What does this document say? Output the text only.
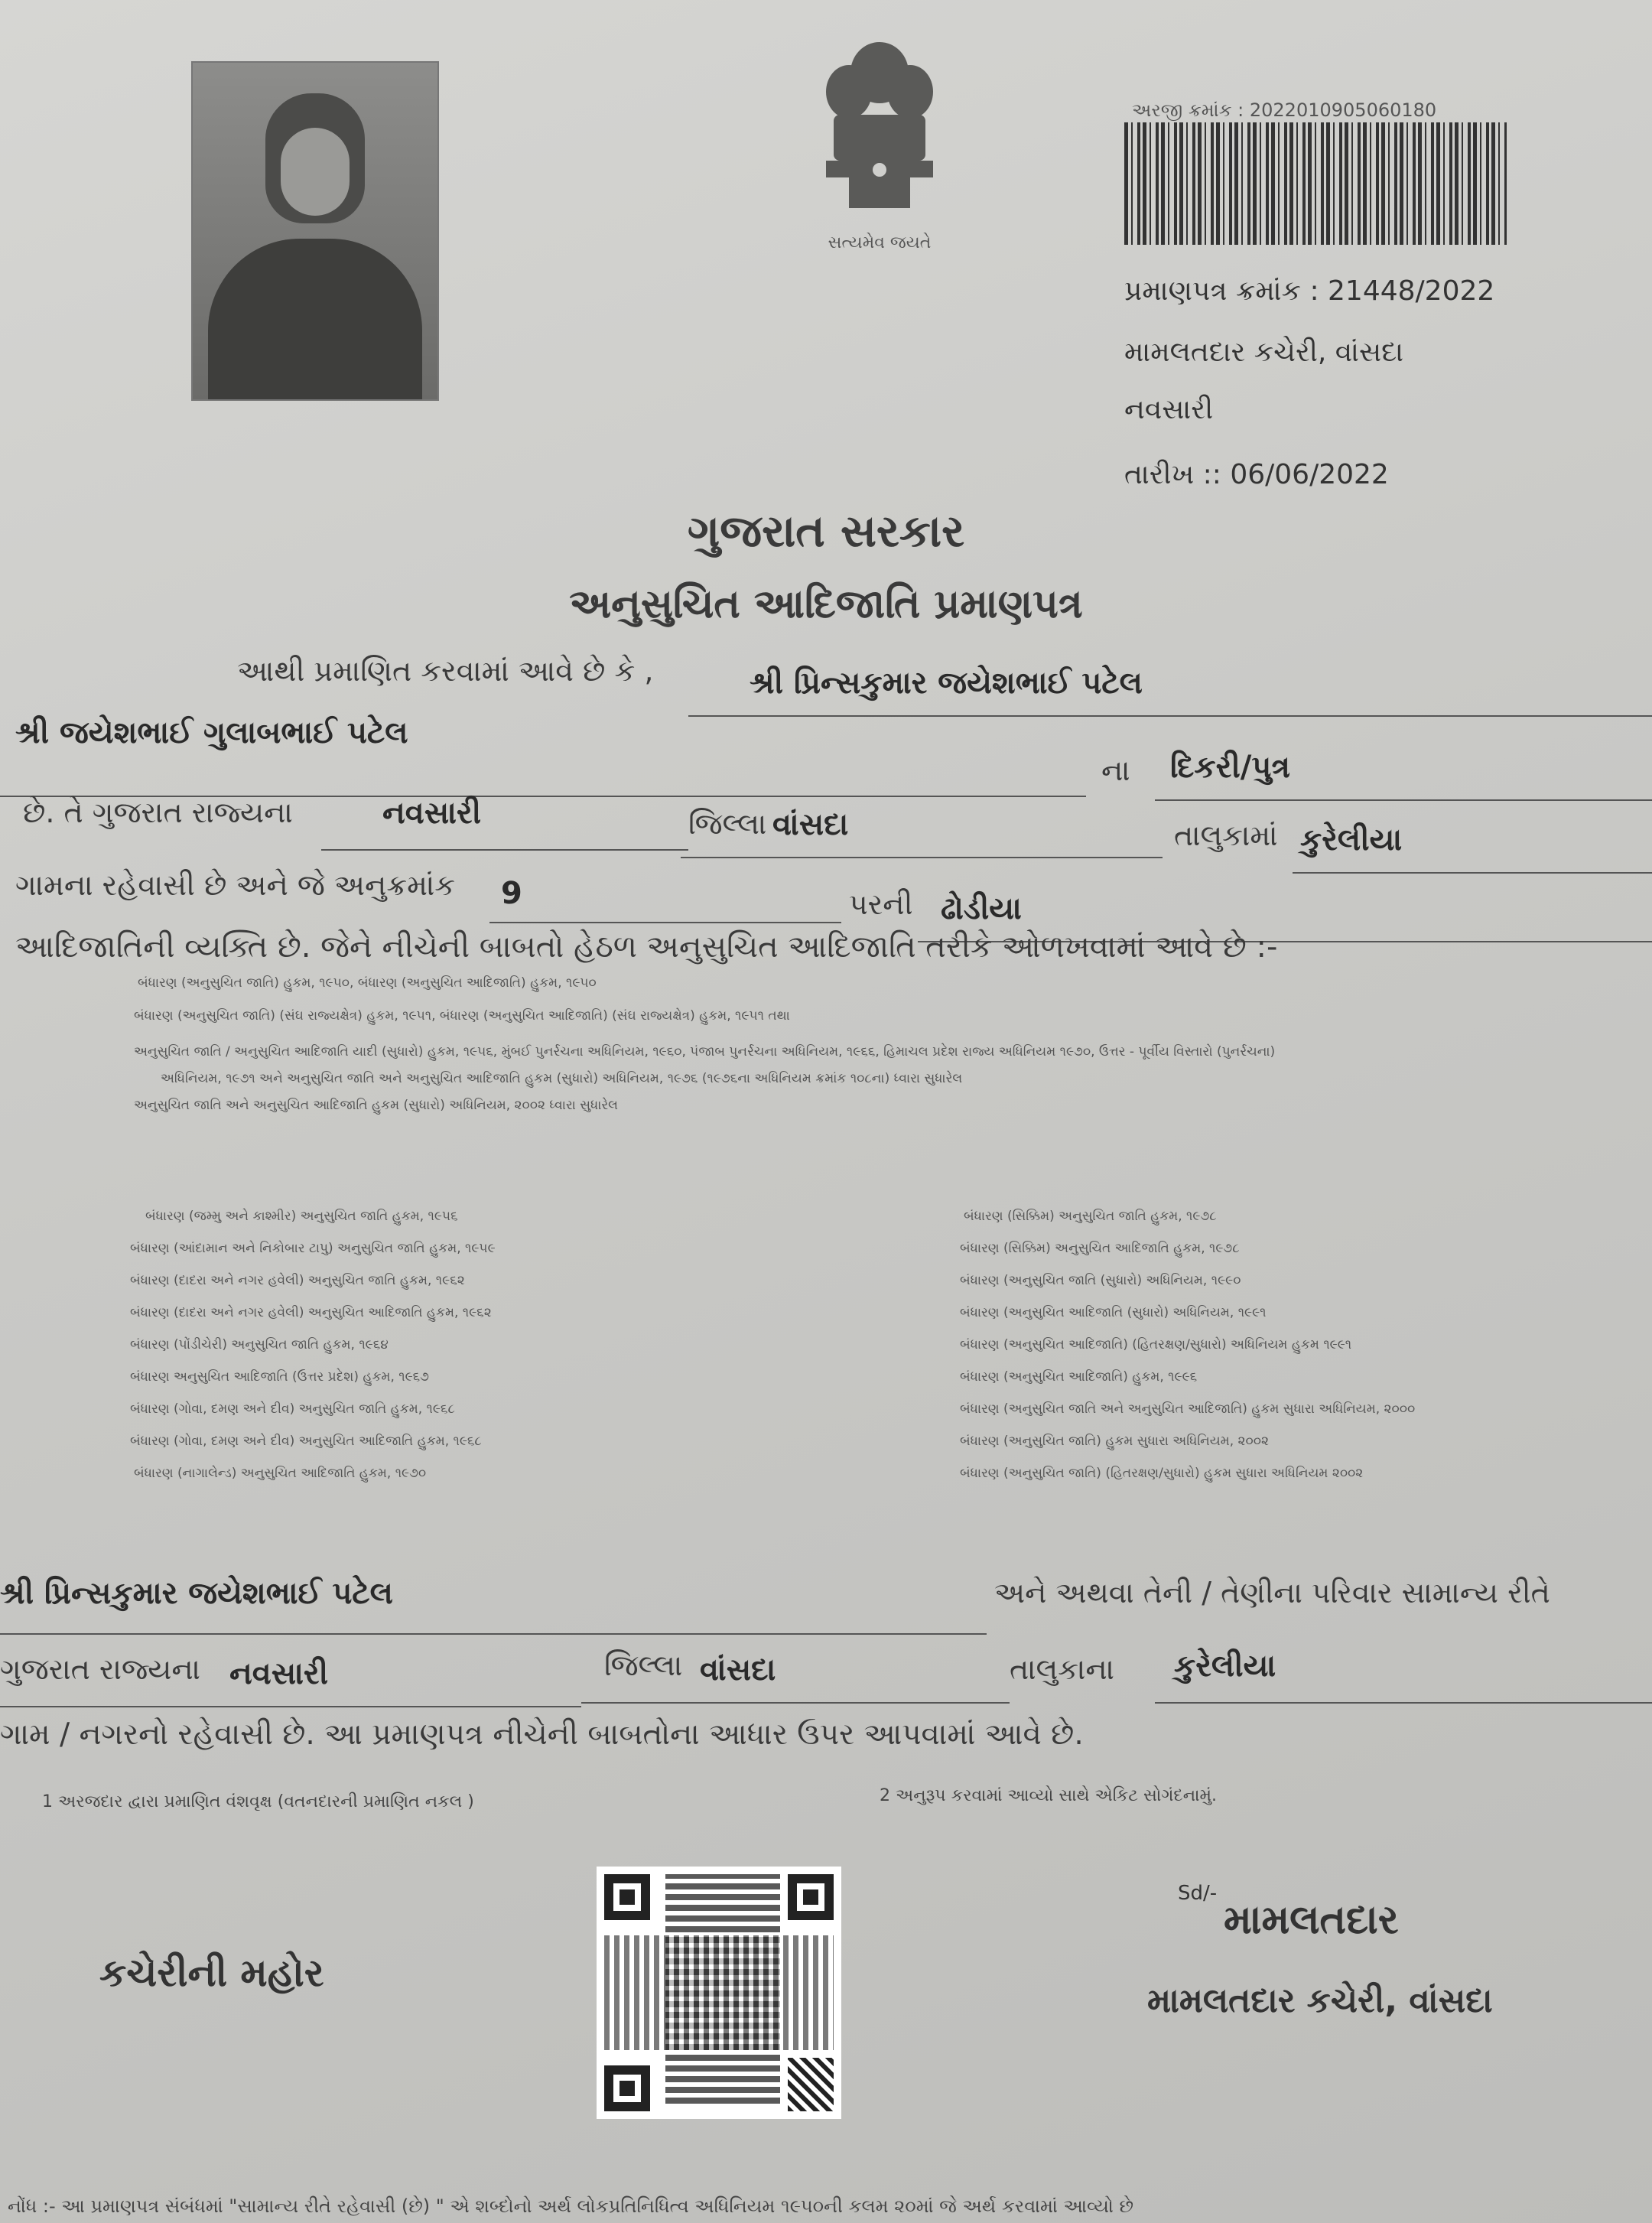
સત્યમેવ જયતે
અરજી ક્રમાંક : 2022010905060180
પ્રમાણપત્ર ક્રમાંક : 21448/2022
મામલતદાર કચેરી, વાંસદા
નવસારી
તારીખ :: 06/06/2022
ગુજરાત સરકાર
અનુસુચિત આદિજાતિ પ્રમાણપત્ર
આથી પ્રમાણિત કરવામાં આવે છે કે ,	શ્રી પ્રિન્સકુમાર જયેશભાઈ પટેલ
શ્રી જયેશભાઈ ગુલાબભાઈ પટેલ
ના દિકરી/પુત્ર
છે. તે ગુજરાત રાજ્યના	નવસારી	જિલ્લા વાંસદા	તાલુકામાં કુરેલીયા
ગામના રહેવાસી છે અને જે અનુક્રમાંક 9	પરની ઢોડીયા
આદિજાતિની વ્યક્તિ છે. જેને નીચેની બાબતો હેઠળ અનુસુચિત આદિજાતિ તરીકે ઓળખવામાં આવે છે :-
બંધારણ (અનુસુચિત જાતિ) હુકમ, ૧૯૫૦, બંધારણ (અનુસુચિત આદિજાતિ) હુકમ, ૧૯૫૦
બંધારણ (અનુસુચિત જાતિ) (સંઘ રાજ્યક્ષેત્ર) હુકમ, ૧૯૫૧, બંધારણ (અનુસુચિત આદિજાતિ) (સંઘ રાજ્યક્ષેત્ર) હુકમ, ૧૯૫૧ તથા
અનુસુચિત જાતિ / અનુસુચિત આદિજાતિ યાદી (સુધારો) હુકમ, ૧૯૫૬, મુંબઈ પુનર્રચના અધિનિયમ, ૧૯૬૦, પંજાબ પુનર્રચના અધિનિયમ, ૧૯૬૬, હિમાચલ પ્રદેશ રાજ્ય અધિનિયમ ૧૯૭૦, ઉત્તર - પૂર્વીય વિસ્તારો (પુનર્રચના)
અધિનિયમ, ૧૯૭૧ અને અનુસુચિત જાતિ અને અનુસુચિત આદિજાતિ હુકમ (સુધારો) અધિનિયમ, ૧૯૭૬ (૧૯૭૬ના અધિનિયમ ક્રમાંક ૧૦૮ના) ધ્વારા સુધારેલ
અનુસુચિત જાતિ અને અનુસુચિત આદિજાતિ હુકમ (સુધારો) અધિનિયમ, ૨૦૦૨ ધ્વારા સુધારેલ
બંધારણ (જમ્મુ અને કાશ્મીર) અનુસુચિત જાતિ હુકમ, ૧૯૫૬
બંધારણ (આંદામાન અને નિકોબાર ટાપુ) અનુસુચિત જાતિ હુકમ, ૧૯૫૯
બંધારણ (દાદરા અને નગર હવેલી) અનુસુચિત જાતિ હુકમ, ૧૯૬૨
બંધારણ (દાદરા અને નગર હવેલી) અનુસુચિત આદિજાતિ હુકમ, ૧૯૬૨
બંધારણ (પોંડીચેરી) અનુસુચિત જાતિ હુકમ, ૧૯૬૪
બંધારણ અનુસુચિત આદિજાતિ (ઉત્તર પ્રદેશ) હુકમ, ૧૯૬૭
બંધારણ (ગોવા, દમણ અને દીવ) અનુસુચિત જાતિ હુકમ, ૧૯૬૮
બંધારણ (ગોવા, દમણ અને દીવ) અનુસુચિત આદિજાતિ હુકમ, ૧૯૬૮
બંધારણ (નાગાલેન્ડ) અનુસુચિત આદિજાતિ હુકમ, ૧૯૭૦
બંધારણ (સિક્કિમ) અનુસુચિત જાતિ હુકમ, ૧૯૭૮
બંધારણ (સિક્કિમ) અનુસુચિત આદિજાતિ હુકમ, ૧૯૭૮
બંધારણ (અનુસુચિત જાતિ (સુધારો) અધિનિયમ, ૧૯૯૦
બંધારણ (અનુસુચિત આદિજાતિ (સુધારો) અધિનિયમ, ૧૯૯૧
બંધારણ (અનુસુચિત આદિજાતિ) (હિતરક્ષણ/સુધારો) અધિનિયમ હુકમ ૧૯૯૧
બંધારણ (અનુસુચિત આદિજાતિ) હુકમ, ૧૯૯૬
બંધારણ (અનુસુચિત જાતિ અને અનુસુચિત આદિજાતિ) હુકમ સુધારા અધિનિયમ, ૨૦૦૦
બંધારણ (અનુસુચિત જાતિ) હુકમ સુધારા અધિનિયમ, ૨૦૦૨
બંધારણ (અનુસુચિત જાતિ) (હિતરક્ષણ/સુધારો) હુકમ સુધારા અધિનિયમ ૨૦૦૨
શ્રી પ્રિન્સકુમાર જયેશભાઈ પટેલ	અને અથવા તેની / તેણીના પરિવાર સામાન્ય રીતે
ગુજરાત રાજ્યના નવસારી	જિલ્લા વાંસદા	તાલુકાના કુરેલીયા
ગામ / નગરનો રહેવાસી છે. આ પ્રમાણપત્ર નીચેની બાબતોના આધાર ઉપર આપવામાં આવે છે.
1 અરજદાર દ્વારા પ્રમાણિત વંશવૃક્ષ (વતનદારની પ્રમાણિત નકલ )	2 અનુરૂપ કરવામાં આવ્યો સાથે એકિટ સોગંદનામું.
કચેરીની મહોર
Sd/-
મામલતદાર
મામલતદાર કચેરી, વાંસદા
નોંધ :- આ પ્રમાણપત્ર સંબંધમાં "સામાન્ય રીતે રહેવાસી (છે) " એ શબ્દોનો અર્થ લોકપ્રતિનિધિત્વ અધિનિયમ ૧૯૫૦ની કલમ ૨૦માં જે અર્થ કરવામાં આવ્યો છે
